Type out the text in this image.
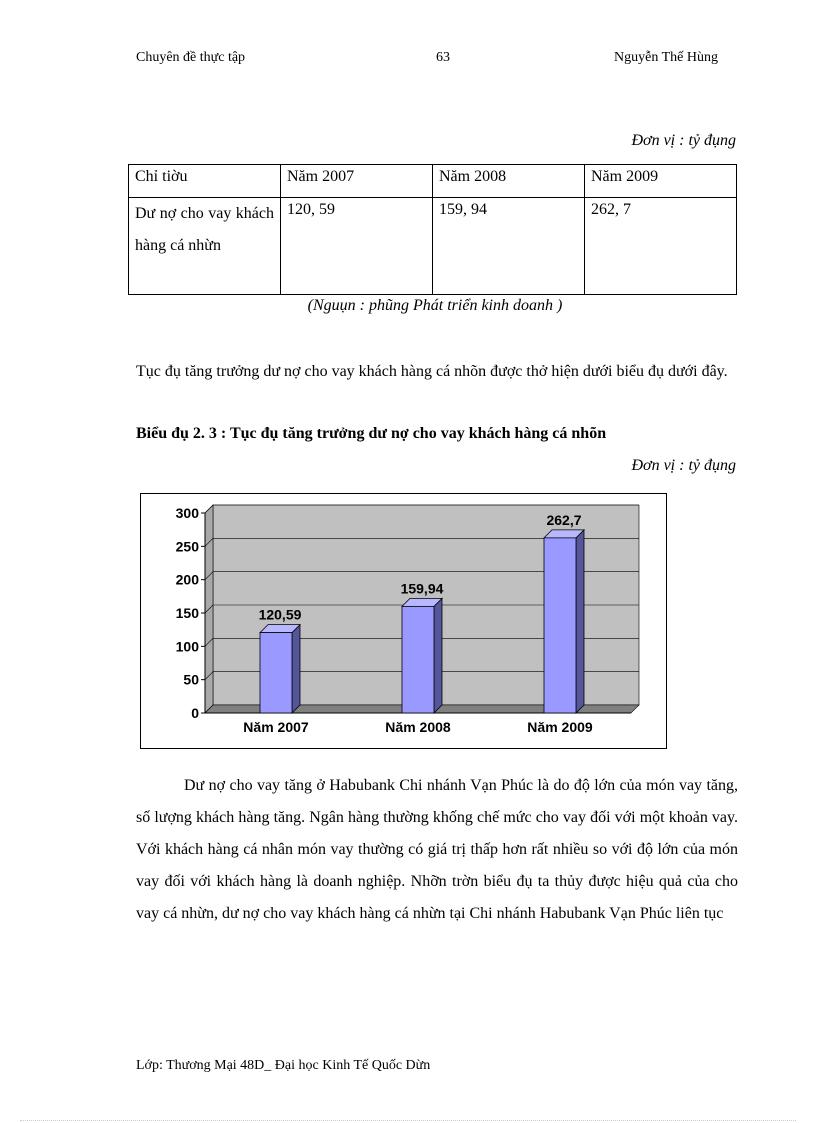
Chuyên đề thực tập	63	Nguyễn Thế Hùng
Đơn vị : tỷ đụng
Chỉ tiờu	Năm 2007	Năm 2008	Năm 2009
Dư nợ cho vay khách hàng cá nhừn	120, 59	159, 94	262, 7
(Nguụn : phũng Phát triển kinh doanh )
Tục đụ tăng trưởng dư nợ cho vay khách hàng cá nhõn được thở hiện dưới biểu đụ dưới đây.
Biểu đụ 2. 3 : Tục đụ tăng trưởng dư nợ cho vay khách hàng cá nhõn
Đơn vị : tỷ đụng
0
50
100
150
200
250
300
120,59
Năm 2007
159,94
Năm 2008
262,7
Năm 2009
Dư nợ cho vay tăng ở Habubank Chi nhánh Vạn Phúc là do độ lớn của món vay tăng, số lượng khách hàng tăng. Ngân hàng thường khống chế mức cho vay đối với một khoản vay. Với khách hàng cá nhân món vay thường có giá trị thấp hơn rất nhiều so với độ lớn của món vay đối với khách hàng là doanh nghiệp. Nhỡn trờn biểu đụ ta thủy được hiệu quả của cho vay cá nhừn, dư nợ cho vay khách hàng cá nhừn tại Chi nhánh Habubank Vạn Phúc liên tục
Lớp: Thương Mại 48D_ Đại học Kinh Tế Quốc Dừn
